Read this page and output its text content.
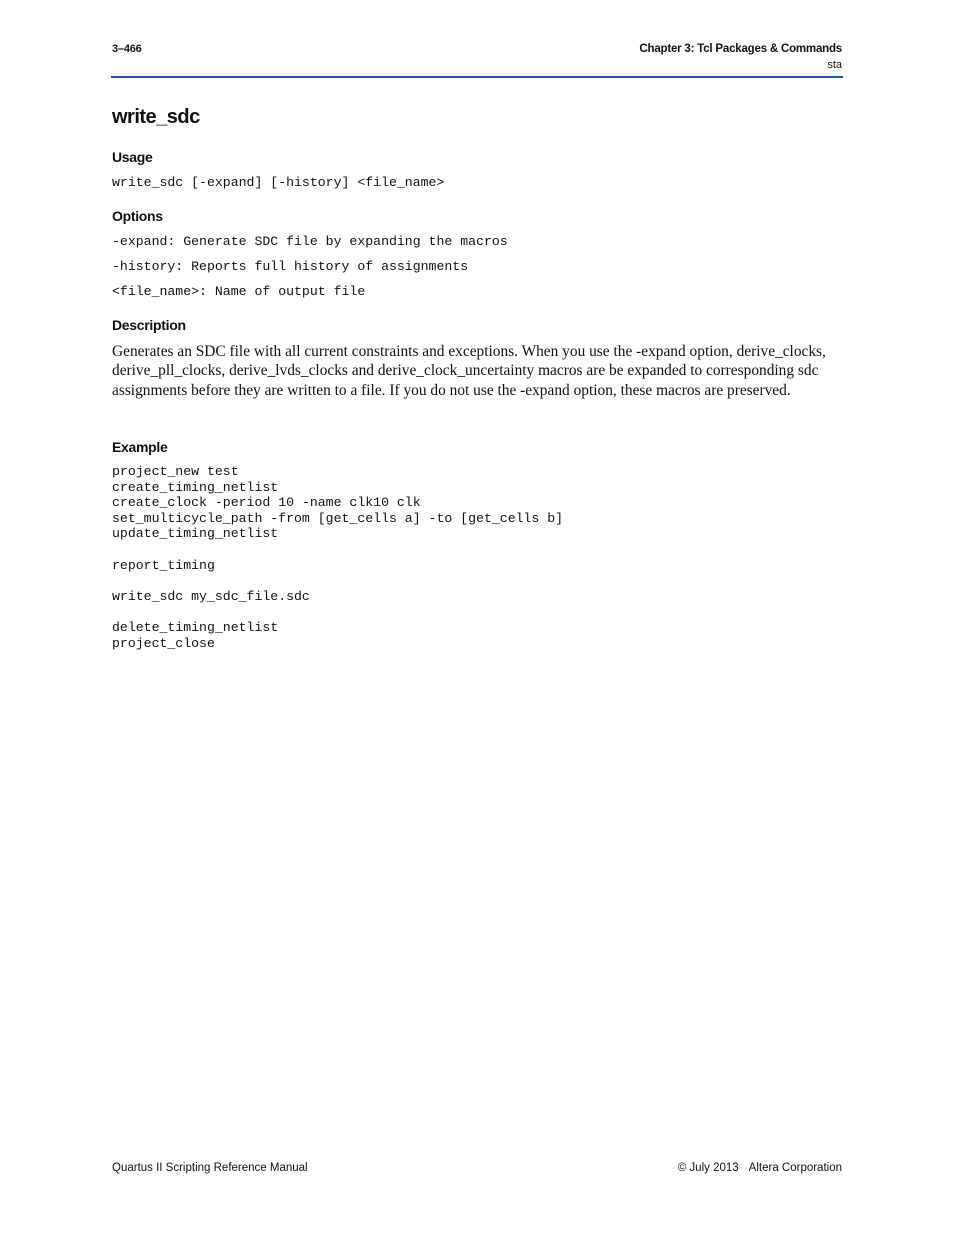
3–466	Chapter 3: Tcl Packages & Commands
sta
write_sdc
Usage
write_sdc [-expand] [-history] <file_name>
Options
-expand: Generate SDC file by expanding the macros
-history: Reports full history of assignments
<file_name>: Name of output file
Description
Generates an SDC file with all current constraints and exceptions. When you use the -expand option, derive_clocks, derive_pll_clocks, derive_lvds_clocks and derive_clock_uncertainty macros are be expanded to corresponding sdc assignments before they are written to a file. If you do not use the -expand option, these macros are preserved.
Example
project_new test
create_timing_netlist
create_clock -period 10 -name clk10 clk
set_multicycle_path -from [get_cells a] -to [get_cells b]
update_timing_netlist

report_timing

write_sdc my_sdc_file.sdc

delete_timing_netlist
project_close
Quartus II Scripting Reference Manual	© July 2013 Altera Corporation
